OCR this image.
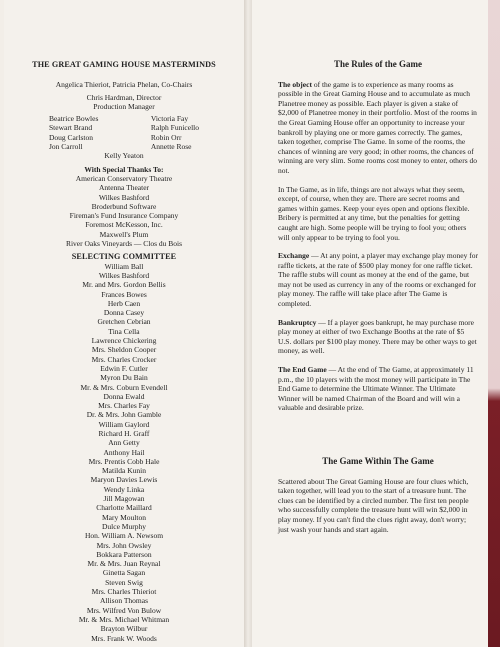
THE GREAT GAMING HOUSE MASTERMINDS
Angelica Thieriot, Patricia Phelan, Co-Chairs
Chris Hardman, Director
Production Manager
Beatrice Bowles
Stewart Brand
Doug Carlston
Jon Carroll
Victoria Fay
Ralph Funicello
Robin Orr
Annette Rose
Kelly Yeaton
With Special Thanks To:
American Conservatory Theatre
Antenna Theater
Wilkes Bashford
Broderbund Software
Fireman's Fund Insurance Company
Foremost McKesson, Inc.
Maxwell's Plum
River Oaks Vineyards — Clos du Bois
SELECTING COMMITTEE
William Ball
Wilkes Bashford
Mr. and Mrs. Gordon Bellis
Frances Bowes
Herb Caen
Donna Casey
Gretchen Cebrian
Tina Cella
Lawrence Chickering
Mrs. Sheldon Cooper
Mrs. Charles Crocker
Edwin F. Cutler
Myron Du Bain
Mr. & Mrs. Coburn Evendell
Donna Ewald
Mrs. Charles Fay
Dr. & Mrs. John Gamble
William Gaylord
Richard H. Graff
Ann Getty
Anthony Hail
Mrs. Prentis Cobb Hale
Matilda Kunin
Maryon Davies Lewis
Wendy Linka
Jill Magowan
Charlotte Maillard
Mary Moulton
Dulce Murphy
Hon. William A. Newsom
Mrs. John Owsley
Bokkara Patterson
Mr. & Mrs. Juan Reynal
Ginetta Sagan
Steven Swig
Mrs. Charles Thieriot
Allison Thomas
Mrs. Wilfred Von Bulow
Mr. & Mrs. Michael Whitman
Brayton Wilbur
Mrs. Frank W. Woods
The Rules of the Game
The object of the game is to experience as many rooms as possible in the Great Gaming House and to accumulate as much Planetree money as possible. Each player is given a stake of $2,000 of Planetree money in their portfolio. Most of the rooms in the Great Gaming House offer an opportunity to increase your bankroll by playing one or more games correctly. The games, taken together, comprise The Game. In some of the rooms, the chances of winning are very good; in other rooms, the chances of winning are very slim. Some rooms cost money to enter, others do not.
In The Game, as in life, things are not always what they seem, except, of course, when they are. There are secret rooms and games within games. Keep your eyes open and options flexible. Bribery is permitted at any time, but the penalties for getting caught are high. Some people will be trying to fool you; others will only appear to be trying to fool you.
Exchange — At any point, a player may exchange play money for raffle tickets, at the rate of $500 play money for one raffle ticket. The raffle stubs will count as money at the end of the game, but may not be used as currency in any of the rooms or exchanged for play money. The raffle will take place after The Game is completed.
Bankruptcy — If a player goes bankrupt, he may purchase more play money at either of two Exchange Booths at the rate of $5 U.S. dollars per $100 play money. There may be other ways to get money, as well.
The End Game — At the end of The Game, at approximately 11 p.m., the 10 players with the most money will participate in The End Game to determine the Ultimate Winner. The Ultimate Winner will be named Chairman of the Board and will win a valuable and desirable prize.
The Game Within The Game
Scattered about The Great Gaming House are four clues which, taken together, will lead you to the start of a treasure hunt. The clues can be identified by a circled number. The first ten people who successfully complete the treasure hunt will win $2,000 in play money. If you can't find the clues right away, don't worry; just wash your hands and start again.
